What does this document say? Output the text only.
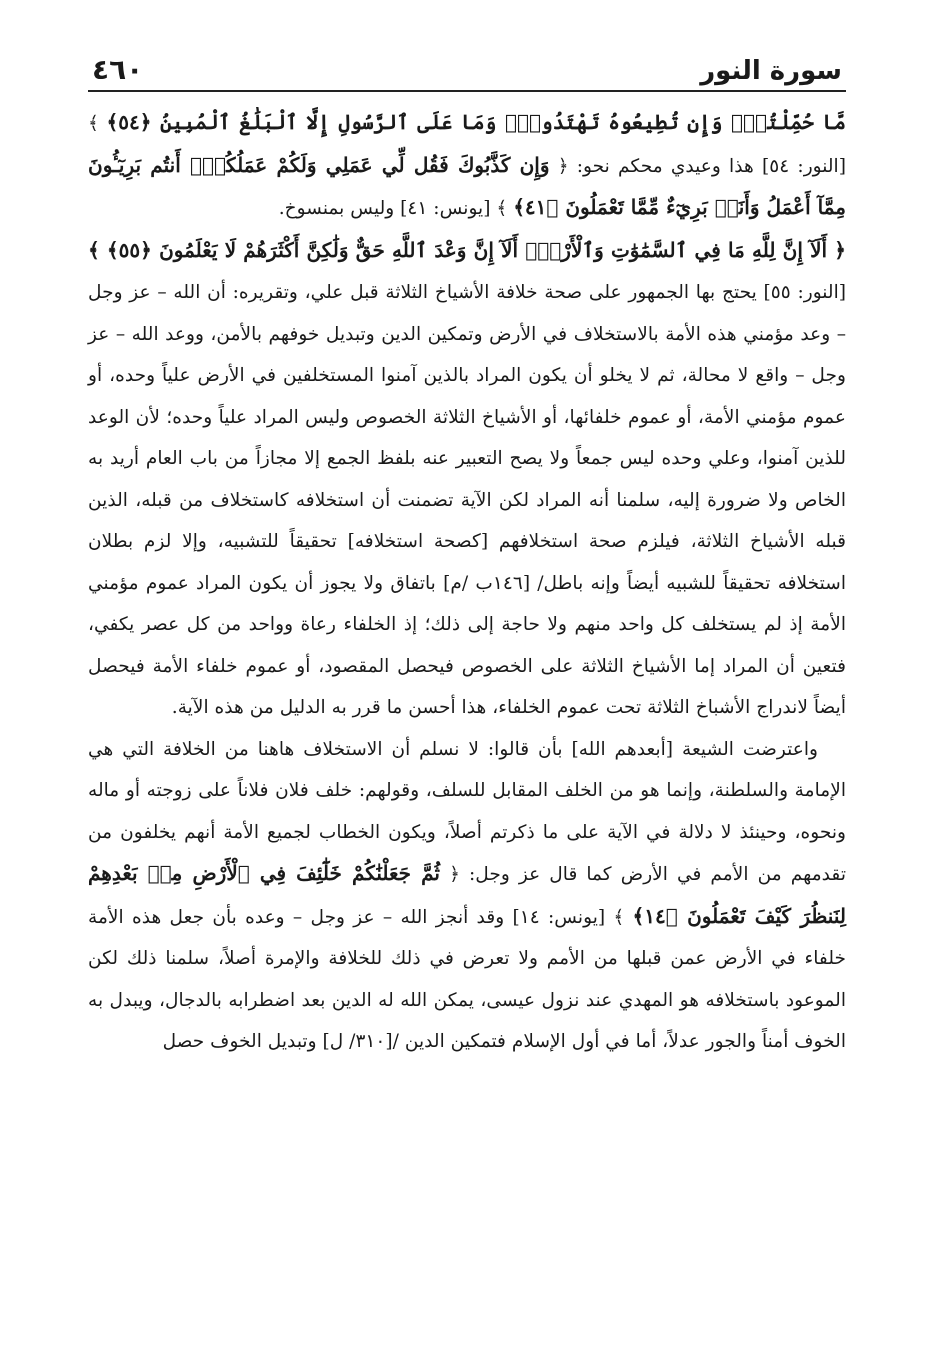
سورة النور
٤٦٠

مَّا حُمِّلْتُمْۖ وَإِن تُطِيعُوهُ تَهْتَدُواْۚ وَمَا عَلَى ٱلرَّسُولِ إِلَّا ٱلْبَلَٰغُ ٱلْمُبِينُ ﴿٥٤﴾ ﴾ [النور: ٥٤] هذا وعيدي محكم نحو: ﴿ وَإِن كَذَّبُوكَ فَقُل لِّي عَمَلِي وَلَكُمْ عَمَلُكُمْۖ أَنتُم بَرِيٓـُٔونَ مِمَّآ أَعْمَلُ وَأَنَا۠ بَرِيٓءٌ مِّمَّا تَعْمَلُونَ ﴿٤١﴾ ﴾ [يونس: ٤١] وليس بمنسوخ.

﴿ أَلَآ إِنَّ لِلَّهِ مَا فِي ٱلسَّمَٰوَٰتِ وَٱلْأَرْضِۗ أَلَآ إِنَّ وَعْدَ ٱللَّهِ حَقٌّ وَلَٰكِنَّ أَكْثَرَهُمْ لَا يَعْلَمُونَ ﴿٥٥﴾ ﴾ [النور: ٥٥] يحتج بها الجمهور على صحة خلافة الأشياخ الثلاثة قبل علي، وتقريره: أن الله – عز وجل – وعد مؤمني هذه الأمة بالاستخلاف في الأرض وتمكين الدين وتبديل خوفهم بالأمن، ووعد الله – عز وجل – واقع لا محالة، ثم لا يخلو أن يكون المراد بالذين آمنوا المستخلفين في الأرض علياً وحده، أو عموم مؤمني الأمة، أو عموم خلفائها، أو الأشياخ الثلاثة الخصوص وليس المراد علياً وحده؛ لأن الوعد للذين آمنوا، وعلي وحده ليس جمعاً ولا يصح التعبير عنه بلفظ الجمع إلا مجازاً من باب العام أريد به الخاص ولا ضرورة إليه، سلمنا أنه المراد لكن الآية تضمنت أن استخلافه كاستخلاف من قبله، الذين قبله الأشياخ الثلاثة، فيلزم صحة استخلافهم [كصحة استخلافه] تحقيقاً للتشبيه، وإلا لزم بطلان استخلافه تحقيقاً للشبيه أيضاً وإنه باطل/ [١٤٦ب /م] باتفاق ولا يجوز أن يكون المراد عموم مؤمني الأمة إذ لم يستخلف كل واحد منهم ولا حاجة إلى ذلك؛ إذ الخلفاء رعاة وواحد من كل عصر يكفي، فتعين أن المراد إما الأشياخ الثلاثة على الخصوص فيحصل المقصود، أو عموم خلفاء الأمة فيحصل أيضاً لاندراج الأشباخ الثلاثة تحت عموم الخلفاء، هذا أحسن ما قرر به الدليل من هذه الآية.

واعترضت الشيعة [أبعدهم الله] بأن قالوا: لا نسلم أن الاستخلاف هاهنا من الخلافة التي هي الإمامة والسلطنة، وإنما هو من الخلف المقابل للسلف، وقولهم: خلف فلان فلاناً على زوجته أو ماله ونحوه، وحينئذ لا دلالة في الآية على ما ذكرتم أصلاً، ويكون الخطاب لجميع الأمة أنهم يخلفون من تقدمهم من الأمم في الأرض كما قال عز وجل: ﴿ ثُمَّ جَعَلْنَٰكُمْ خَلَٰٓئِفَ فِي ٱلْأَرْضِ مِنۢ بَعْدِهِمْ لِنَنظُرَ كَيْفَ تَعْمَلُونَ ﴿١٤﴾ ﴾ [يونس: ١٤] وقد أنجز الله – عز وجل – وعده بأن جعل هذه الأمة خلفاء في الأرض عمن قبلها من الأمم ولا تعرض في ذلك للخلافة والإمرة أصلاً، سلمنا ذلك لكن الموعود باستخلافه هو المهدي عند نزول عيسى، يمكن الله له الدين بعد اضطرابه بالدجال، ويبدل به الخوف أمناً والجور عدلاً، أما في أول الإسلام فتمكين الدين /[٣١٠/ ل] وتبديل الخوف حصل
